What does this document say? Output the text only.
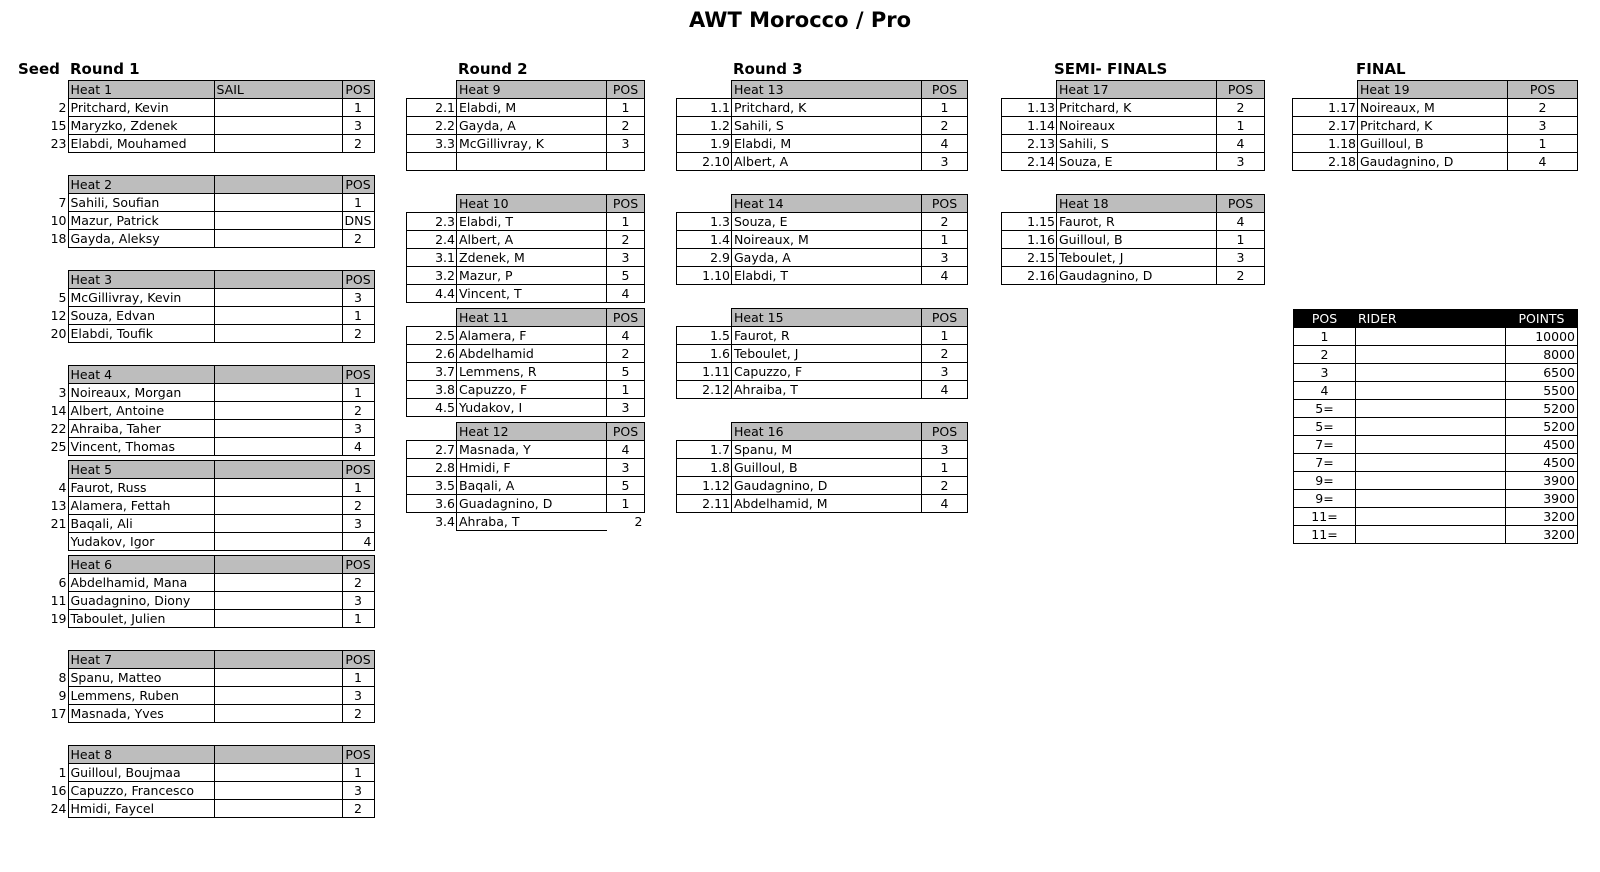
AWT Morocco / Pro
Seed Round 1	Round 2	Round 3	SEMI- FINALS	FINAL
	Heat 1	SAIL	POS
2	Pritchard, Kevin		1
15	Maryzko, Zdenek		3
23	Elabdi, Mouhamed		2
	Heat 2		POS
7	Sahili, Soufian		1
10	Mazur, Patrick		DNS
18	Gayda, Aleksy		2
	Heat 3		POS
5	McGillivray, Kevin		3
12	Souza, Edvan		1
20	Elabdi, Toufik		2
	Heat 4		POS
3	Noireaux, Morgan		1
14	Albert, Antoine		2
22	Ahraiba, Taher		3
25	Vincent, Thomas		4
	Heat 5		POS
4	Faurot, Russ		1
13	Alamera, Fettah		2
21	Baqali, Ali		3
	Yudakov, Igor		4
	Heat 6		POS
6	Abdelhamid, Mana		2
11	Guadagnino, Diony		3
19	Taboulet, Julien		1
	Heat 7		POS
8	Spanu, Matteo		1
9	Lemmens, Ruben		3
17	Masnada, Yves		2
	Heat 8		POS
1	Guilloul, Boujmaa		1
16	Capuzzo, Francesco		3
24	Hmidi, Faycel		2
	Heat 9	POS
2.1	Elabdi, M	1
2.2	Gayda, A	2
3.3	McGillivray, K	3

	Heat 10	POS
2.3	Elabdi, T	1
2.4	Albert, A	2
3.1	Zdenek, M	3
3.2	Mazur, P	5
4.4	Vincent, T	4
	Heat 11	POS
2.5	Alamera, F	4
2.6	Abdelhamid	2
3.7	Lemmens, R	5
3.8	Capuzzo, F	1
4.5	Yudakov, I	3
	Heat 12	POS
2.7	Masnada, Y	4
2.8	Hmidi, F	3
3.5	Baqali, A	5
3.6	Guadagnino, D	1
3.4	Ahraba, T	2
	Heat 13	POS
1.1	Pritchard, K	1
1.2	Sahili, S	2
1.9	Elabdi, M	4
2.10	Albert, A	3
	Heat 14	POS
1.3	Souza, E	2
1.4	Noireaux, M	1
2.9	Gayda, A	3
1.10	Elabdi, T	4
	Heat 15	POS
1.5	Faurot, R	1
1.6	Teboulet, J	2
1.11	Capuzzo, F	3
2.12	Ahraiba, T	4
	Heat 16	POS
1.7	Spanu, M	3
1.8	Guilloul, B	1
1.12	Gaudagnino, D	2
2.11	Abdelhamid, M	4
	Heat 17	POS
1.13	Pritchard, K	2
1.14	Noireaux	1
2.13	Sahili, S	4
2.14	Souza, E	3
	Heat 18	POS
1.15	Faurot, R	4
1.16	Guilloul, B	1
2.15	Teboulet, J	3
2.16	Gaudagnino, D	2
	Heat 19	POS
1.17	Noireaux, M	2
2.17	Pritchard, K	3
1.18	Guilloul, B	1
2.18	Gaudagnino, D	4
POS	RIDER	POINTS
1		10000
2		8000
3		6500
4		5500
5=		5200
5=		5200
7=		4500
7=		4500
9=		3900
9=		3900
11=		3200
11=		3200
